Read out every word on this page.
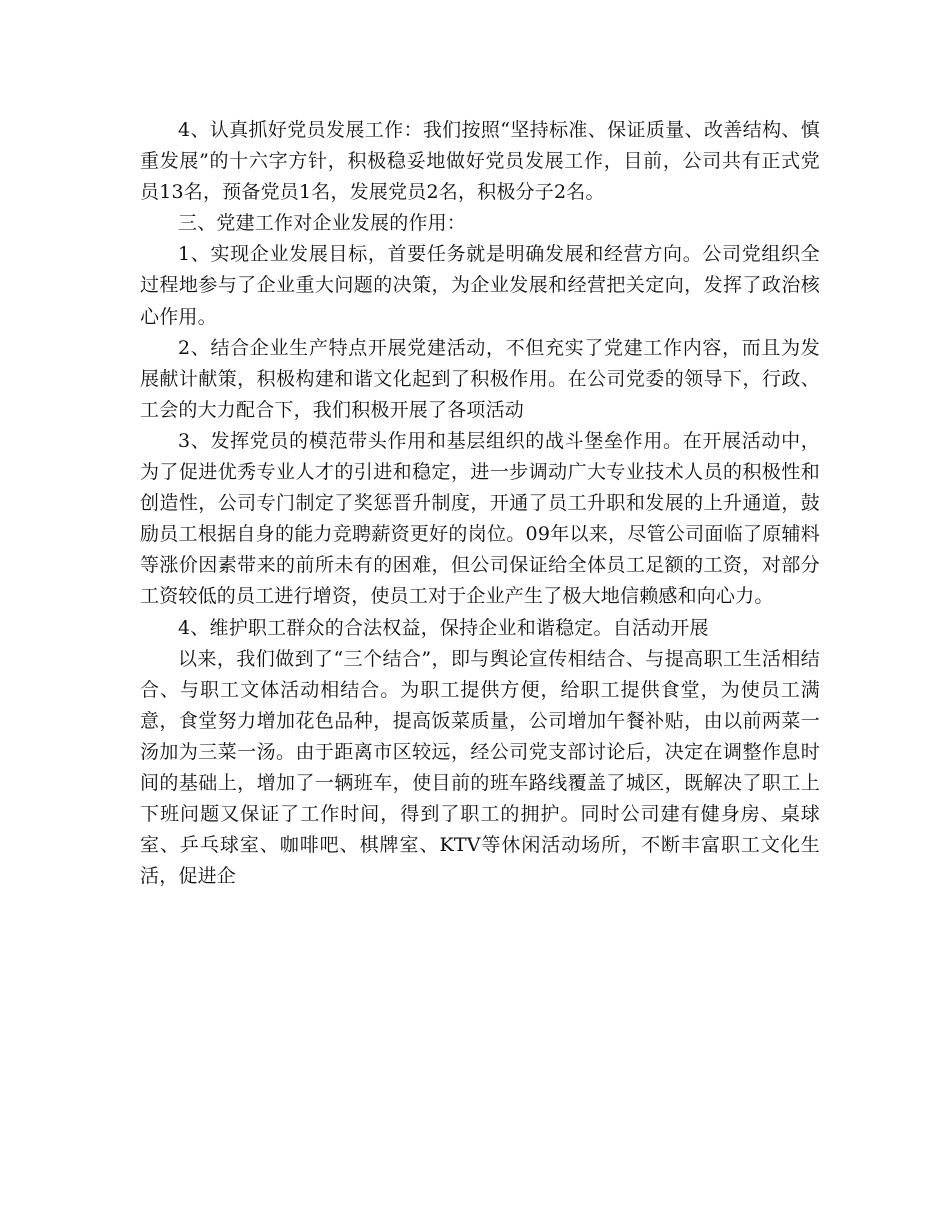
4、认真抓好党员发展工作：我们按照“坚持标准、保证质量、改善结构、慎重发展”的十六字方针，积极稳妥地做好党员发展工作，目前，公司共有正式党员13名，预备党员1名，发展党员2名，积极分子2名。

三、党建工作对企业发展的作用：

1、实现企业发展目标，首要任务就是明确发展和经营方向。公司党组织全过程地参与了企业重大问题的决策，为企业发展和经营把关定向，发挥了政治核心作用。

2、结合企业生产特点开展党建活动，不但充实了党建工作内容，而且为发展献计献策，积极构建和谐文化起到了积极作用。在公司党委的领导下，行政、工会的大力配合下，我们积极开展了各项活动

3、发挥党员的模范带头作用和基层组织的战斗堡垒作用。在开展活动中，为了促进优秀专业人才的引进和稳定，进一步调动广大专业技术人员的积极性和创造性，公司专门制定了奖惩晋升制度，开通了员工升职和发展的上升通道，鼓励员工根据自身的能力竞聘薪资更好的岗位。09年以来，尽管公司面临了原辅料等涨价因素带来的前所未有的困难，但公司保证给全体员工足额的工资，对部分工资较低的员工进行增资，使员工对于企业产生了极大地信赖感和向心力。

4、维护职工群众的合法权益，保持企业和谐稳定。自活动开展

以来，我们做到了“三个结合”，即与舆论宣传相结合、与提高职工生活相结合、与职工文体活动相结合。为职工提供方便，给职工提供食堂，为使员工满意，食堂努力增加花色品种，提高饭菜质量，公司增加午餐补贴，由以前两菜一汤加为三菜一汤。由于距离市区较远，经公司党支部讨论后，决定在调整作息时间的基础上，增加了一辆班车，使目前的班车路线覆盖了城区，既解决了职工上下班问题又保证了工作时间，得到了职工的拥护。同时公司建有健身房、桌球室、乒乓球室、咖啡吧、棋牌室、KTV等休闲活动场所，不断丰富职工文化生活，促进企
